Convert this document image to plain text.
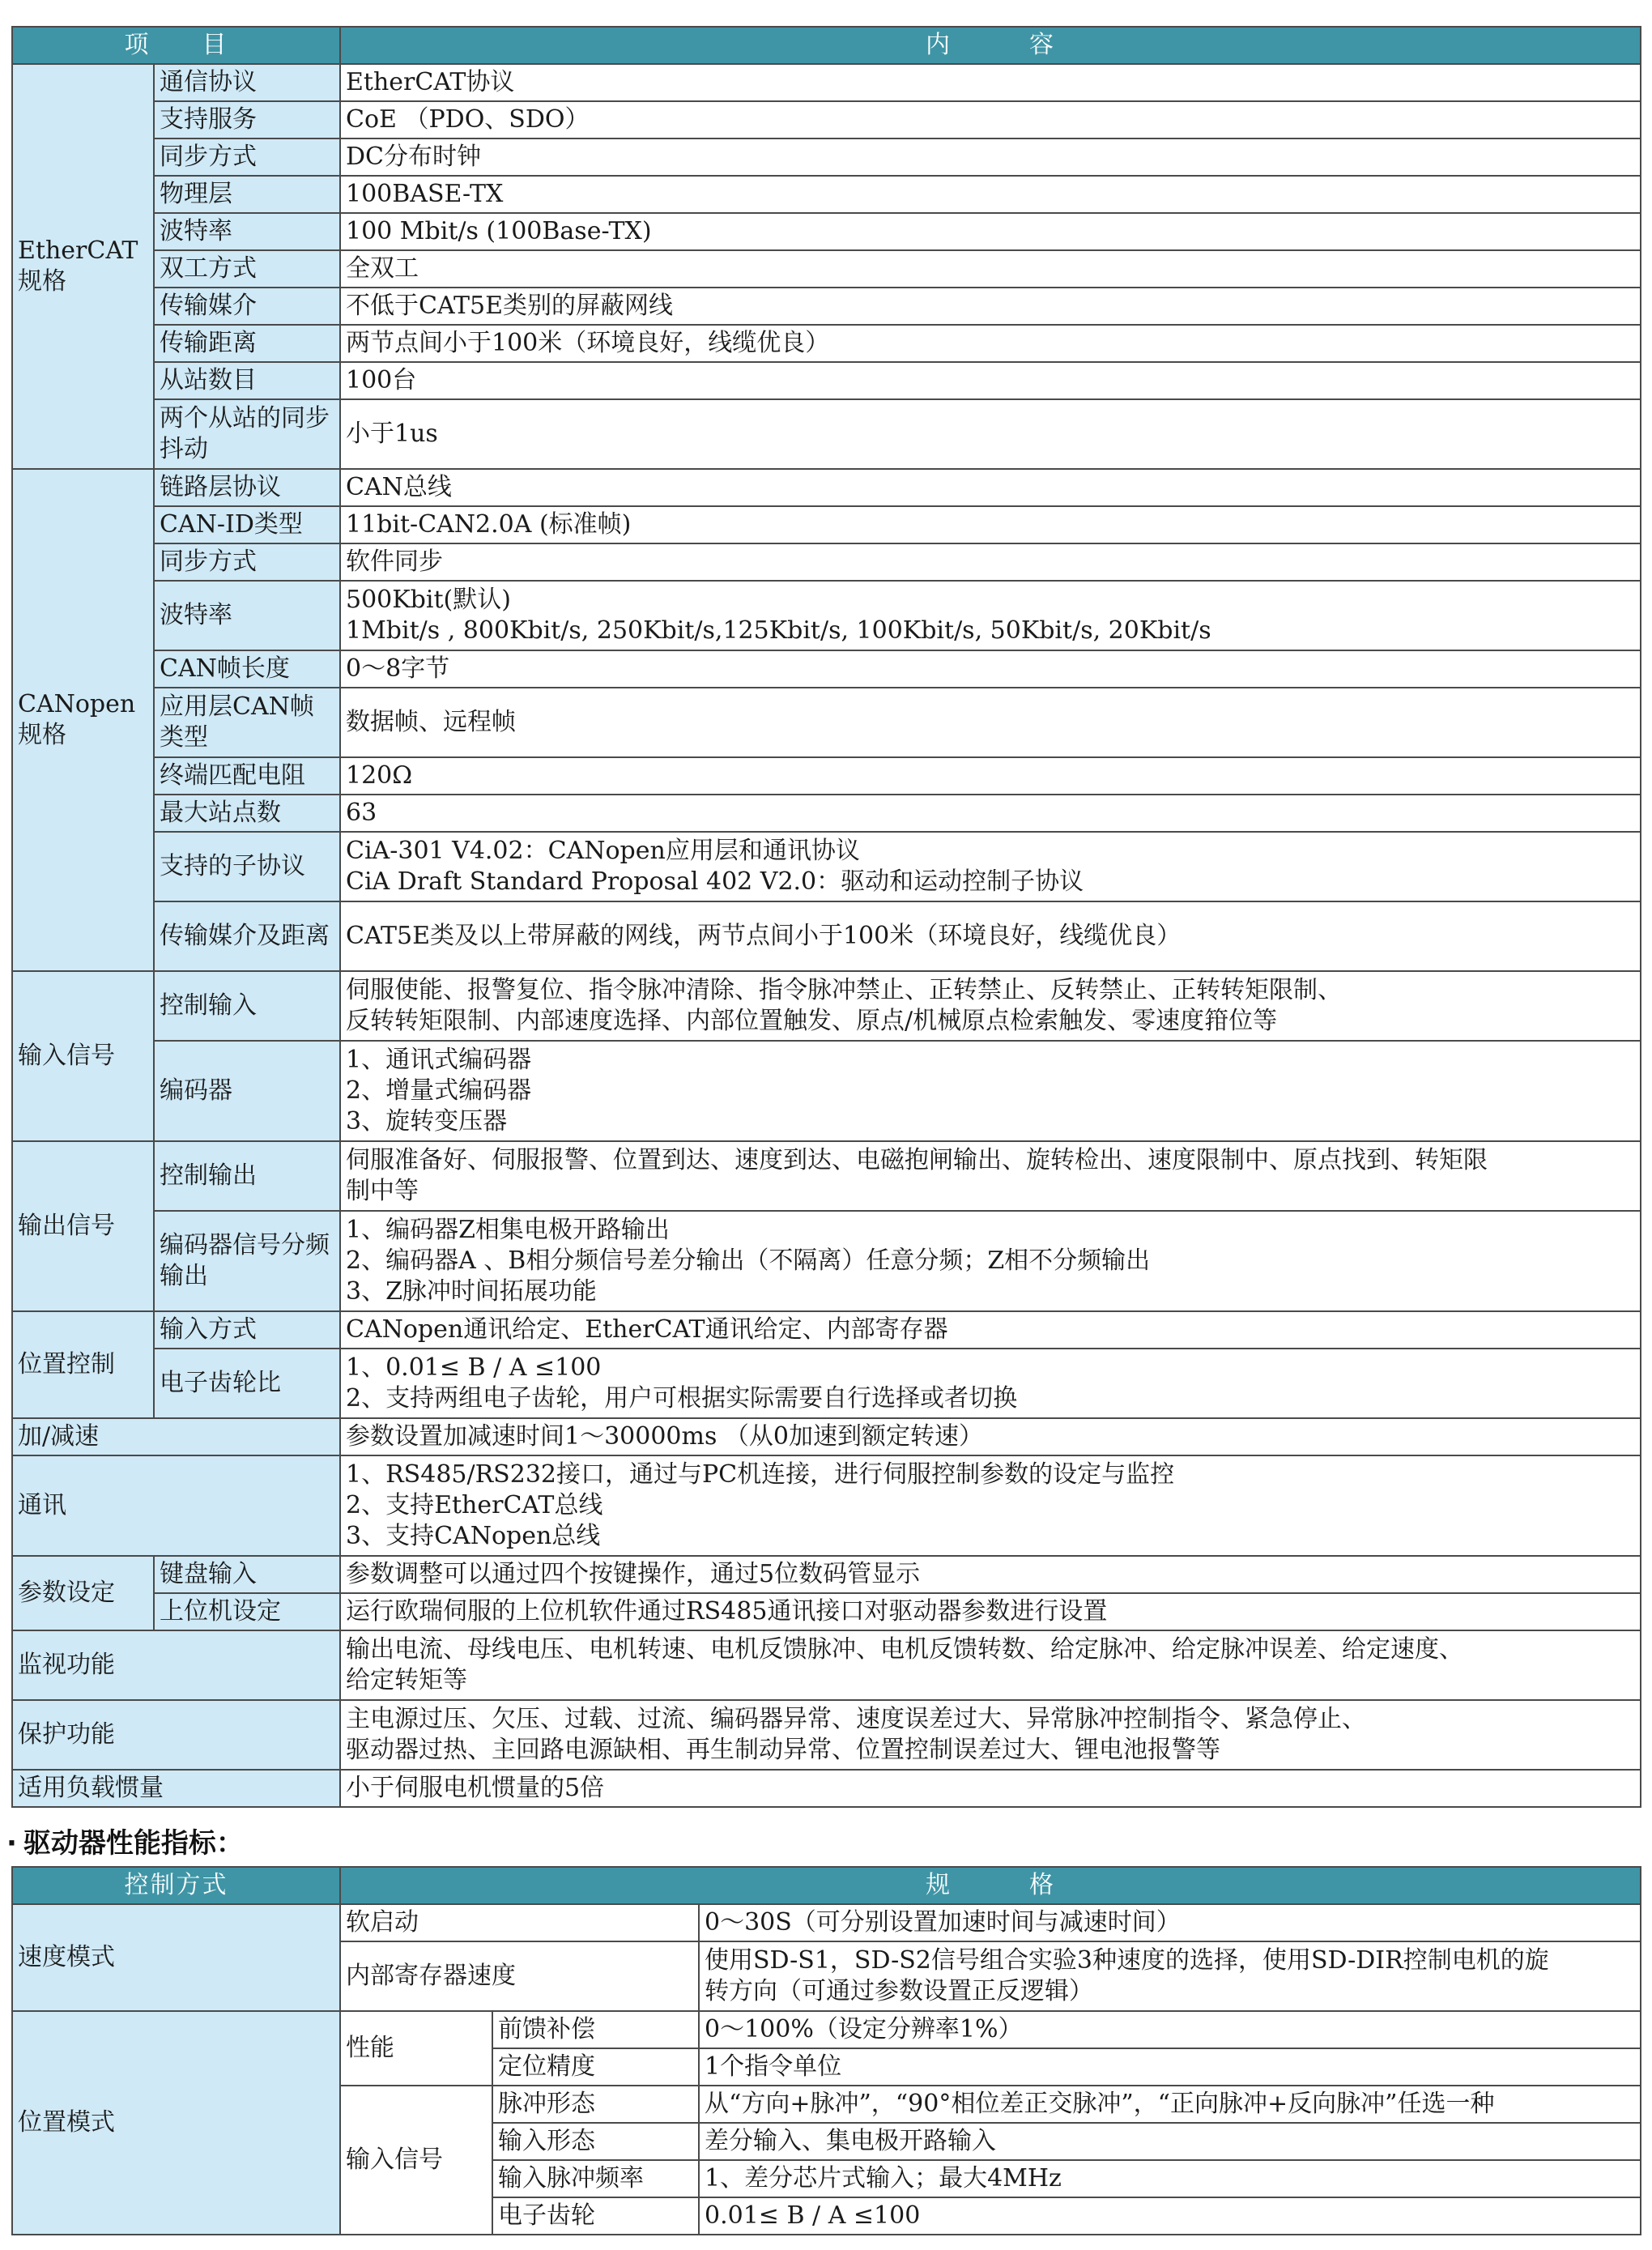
项　　目		内　　　容
EtherCAT 规格	通信协议	EtherCAT协议
	支持服务	CoE （PDO、SDO）
	同步方式	DC分布时钟
	物理层	100BASE-TX
	波特率	100 Mbit/s (100Base-TX)
	双工方式	全双工
	传输媒介	不低于CAT5E类别的屏蔽网线
	传输距离	两节点间小于100米（环境良好，线缆优良）
	从站数目	100台
	两个从站的同步抖动	小于1us
CANopen 规格	链路层协议	CAN总线
	CAN-ID类型	11bit-CAN2.0A (标准帧)
	同步方式	软件同步
	波特率	500Kbit(默认)
1Mbit/s , 800Kbit/s, 250Kbit/s,125Kbit/s, 100Kbit/s, 50Kbit/s, 20Kbit/s

	CAN帧长度	0～8字节
	应用层CAN帧类型	数据帧、远程帧
	终端匹配电阻	120Ω
	最大站点数	63
	支持的子协议	CiA-301 V4.02：CANopen应用层和通讯协议
CiA Draft Standard Proposal 402 V2.0：驱动和运动控制子协议

	传输媒介及距离	CAT5E类及以上带屏蔽的网线，两节点间小于100米（环境良好，线缆优良）
输入信号	控制输入	伺服使能、报警复位、指令脉冲清除、指令脉冲禁止、正转禁止、反转禁止、正转转矩限制、
反转转矩限制、内部速度选择、内部位置触发、原点/机械原点检索触发、零速度箝位等

	编码器	1、通讯式编码器
2、增量式编码器
3、旋转变压器

输出信号	控制输出	伺服准备好、伺服报警、位置到达、速度到达、电磁抱闸输出、旋转检出、速度限制中、原点找到、转矩限
制中等

	编码器信号分频输出	1、编码器Z相集电极开路输出
2、编码器A 、B相分频信号差分输出（不隔离）任意分频；Z相不分频输出
3、Z脉冲时间拓展功能

位置控制	输入方式	CANopen通讯给定、EtherCAT通讯给定、内部寄存器
	电子齿轮比	1、0.01≤ B / A ≤100
2、支持两组电子齿轮，用户可根据实际需要自行选择或者切换

加/减速		参数设置加减速时间1～30000ms （从0加速到额定转速）
通讯		1、RS485/RS232接口，通过与PC机连接，进行伺服控制参数的设定与监控
2、支持EtherCAT总线
3、支持CANopen总线

参数设定	键盘输入	参数调整可以通过四个按键操作，通过5位数码管显示
	上位机设定	运行欧瑞伺服的上位机软件通过RS485通讯接口对驱动器参数进行设置
监视功能		输出电流、母线电压、电机转速、电机反馈脉冲、电机反馈转数、给定脉冲、给定脉冲误差、给定速度、
给定转矩等

保护功能		主电源过压、欠压、过载、过流、编码器异常、速度误差过大、异常脉冲控制指令、紧急停止、
驱动器过热、主回路电源缺相、再生制动异常、位置控制误差过大、锂电池报警等

适用负载惯量		小于伺服电机惯量的5倍
· 驱动器性能指标：
控制方式	规　　　格		
速度模式	软启动		0～30S（可分别设置加速时间与减速时间）
	内部寄存器速度		使用SD-S1，SD-S2信号组合实验3种速度的选择，使用SD-DIR控制电机的旋
转方向（可通过参数设置正反逻辑）

位置模式	性能	前馈补偿	0～100%（设定分辨率1%）
		定位精度	1个指令单位
	输入信号	脉冲形态	从“方向+脉冲”，“90°相位差正交脉冲”，“正向脉冲+反向脉冲”任选一种
		输入形态	差分输入、集电极开路输入
		输入脉冲频率	1、差分芯片式输入；最大4MHz
		电子齿轮	0.01≤ B / A ≤100
